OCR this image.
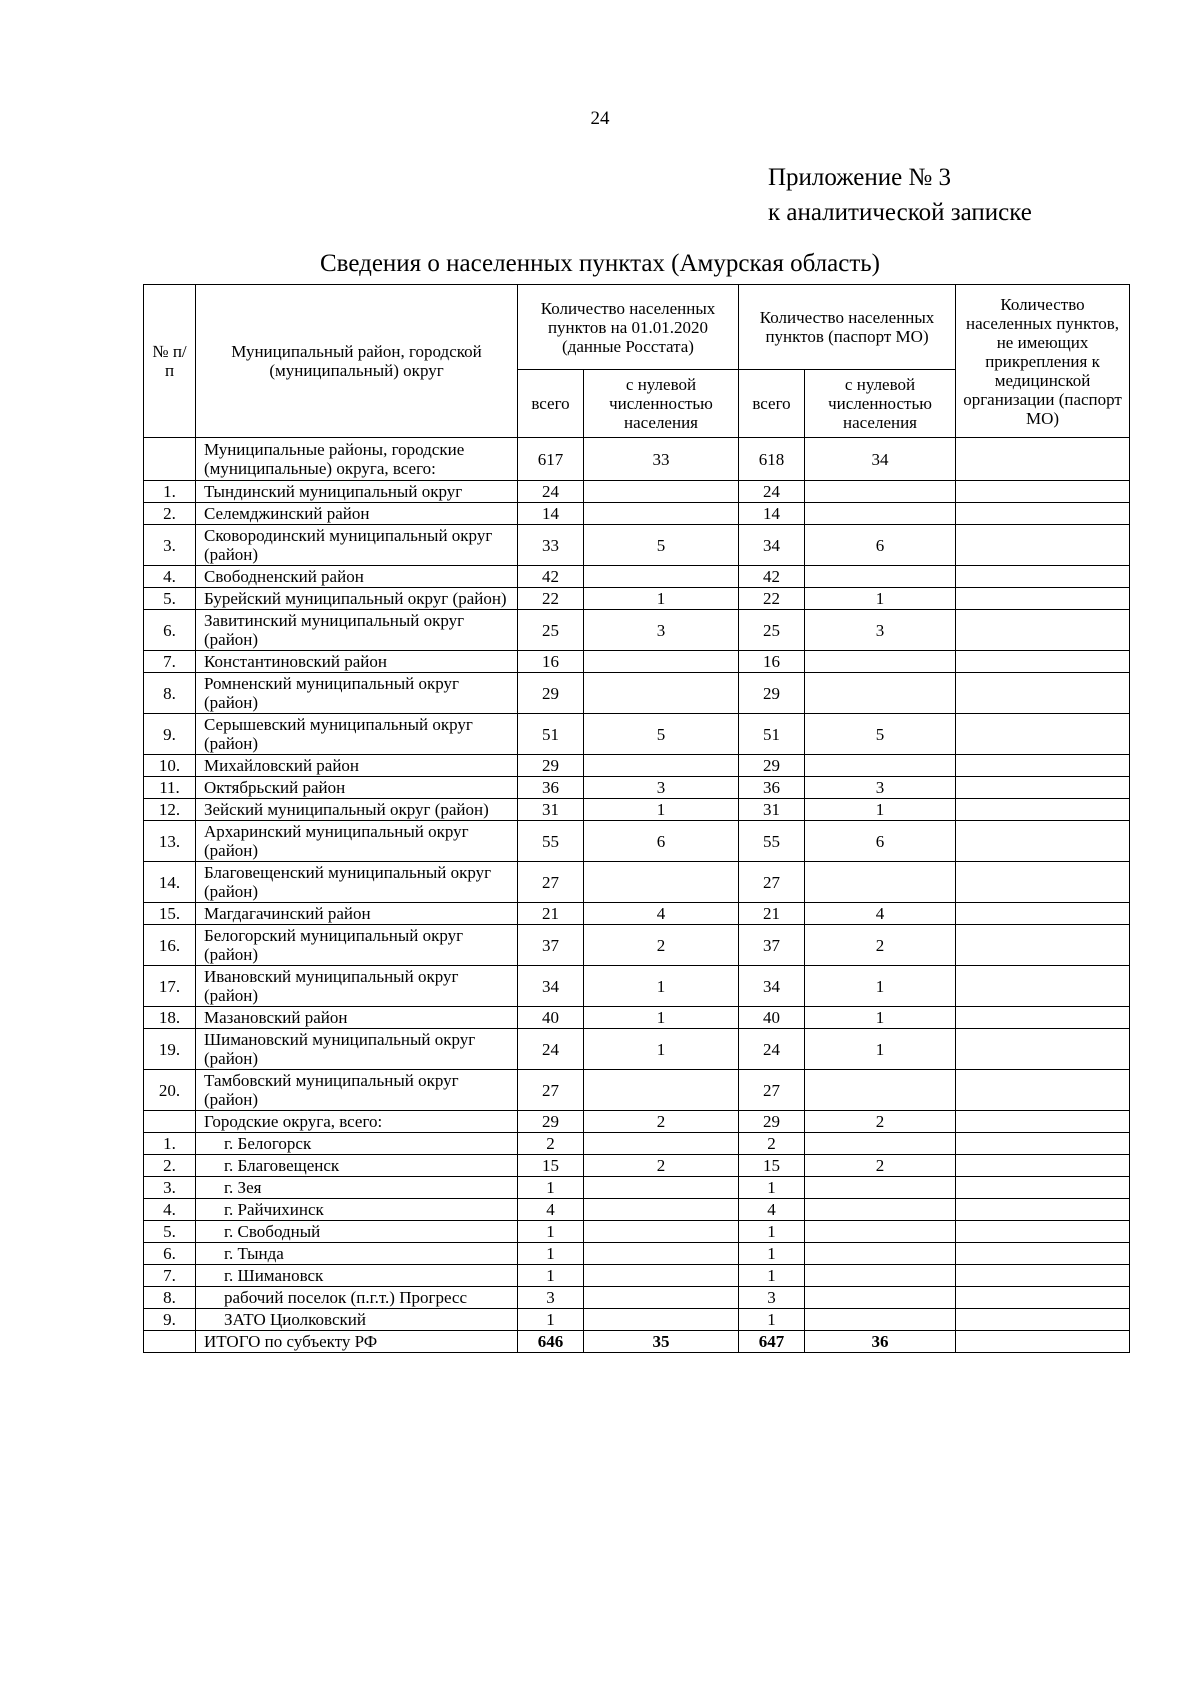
24
Приложение № 3
к аналитической записке
Сведения о населенных пунктах (Амурская область)
№ п/п	Муниципальный район, городской (муниципальный) округ	Количество населенных пунктов на 01.01.2020 (данные Росстата)		Количество населенных пунктов (паспорт МО)		Количество населенных пунктов, не имеющих прикрепления к медицинской организации (паспорт МО)
		всего	с нулевой численностью населения	всего	с нулевой численностью населения	
	Муниципальные районы, городские (муниципальные) округа, всего:	617	33	618	34	
1.	Тындинский муниципальный округ	24		24		
2.	Селемджинский район	14		14		
3.	Сковородинский муниципальный округ (район)	33	5	34	6	
4.	Свободненский район	42		42		
5.	Бурейский муниципальный округ (район)	22	1	22	1	
6.	Завитинский муниципальный округ (район)	25	3	25	3	
7.	Константиновский район	16		16		
8.	Ромненский муниципальный округ (район)	29		29		
9.	Серышевский муниципальный округ (район)	51	5	51	5	
10.	Михайловский район	29		29		
11.	Октябрьский район	36	3	36	3	
12.	Зейский муниципальный округ (район)	31	1	31	1	
13.	Архаринский муниципальный округ (район)	55	6	55	6	
14.	Благовещенский муниципальный округ (район)	27		27		
15.	Магдагачинский район	21	4	21	4	
16.	Белогорский муниципальный округ (район)	37	2	37	2	
17.	Ивановский муниципальный округ (район)	34	1	34	1	
18.	Мазановский район	40	1	40	1	
19.	Шимановский муниципальный округ (район)	24	1	24	1	
20.	Тамбовский муниципальный округ (район)	27		27		
	Городские округа, всего:	29	2	29	2	
1.	г. Белогорск	2		2		
2.	г. Благовещенск	15	2	15	2	
3.	г. Зея	1		1		
4.	г. Райчихинск	4		4		
5.	г. Свободный	1		1		
6.	г. Тында	1		1		
7.	г. Шимановск	1		1		
8.	рабочий поселок (п.г.т.) Прогресс	3		3		
9.	ЗАТО Циолковский	1		1		
	ИТОГО по субъекту РФ	646	35	647	36	
